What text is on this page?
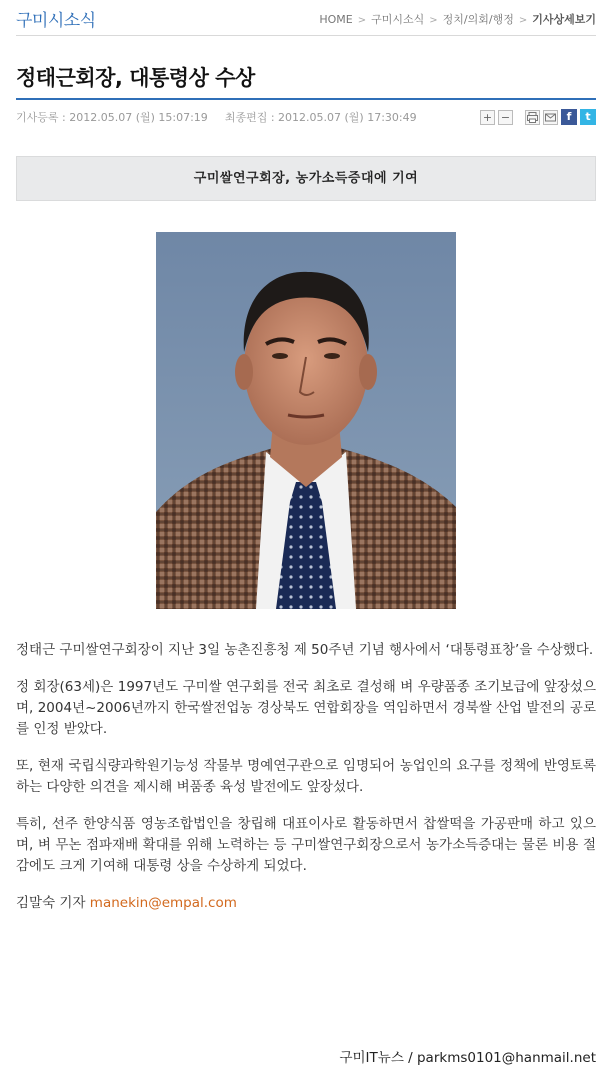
구미시소식	HOME > 구미시소식 > 정치/의회/행정 > 기사상세보기
정태근회장, 대통령상 수상
기사등록 : 2012.05.07 (월) 15:07:19 최종편집 : 2012.05.07 (월) 17:30:49	+ −	f	t
구미쌀연구회장, 농가소득증대에 기여

정태근 구미쌀연구회장이 지난 3일 농촌진흥청 제 50주년 기념 행사에서 ‘대통령표창’을 수상했다.

정 회장(63세)은 1997년도 구미쌀 연구회를 전국 최초로 결성해 벼 우량품종 조기보급에 앞장섰으며, 2004년~2006년까지 한국쌀전업농 경상북도 연합회장을 역임하면서 경북쌀 산업 발전의 공로를 인정 받았다.

또, 현재 국립식량과학원기능성 작물부 명예연구관으로 임명되어 농업인의 요구를 정책에 반영토록하는 다양한 의견을 제시해 벼품종 육성 발전에도 앞장섰다.

특히, 선주 한양식품 영농조합법인을 창립해 대표이사로 활동하면서 찹쌀떡을 가공판매 하고 있으며, 벼 무논 점파재배 확대를 위해 노력하는 등 구미쌀연구회장으로서 농가소득증대는 물론 비용 절감에도 크게 기여해 대통령 상을 수상하게 되었다.

김말숙 기자 manekin@empal.com

구미IT뉴스 / parkms0101@hanmail.net
